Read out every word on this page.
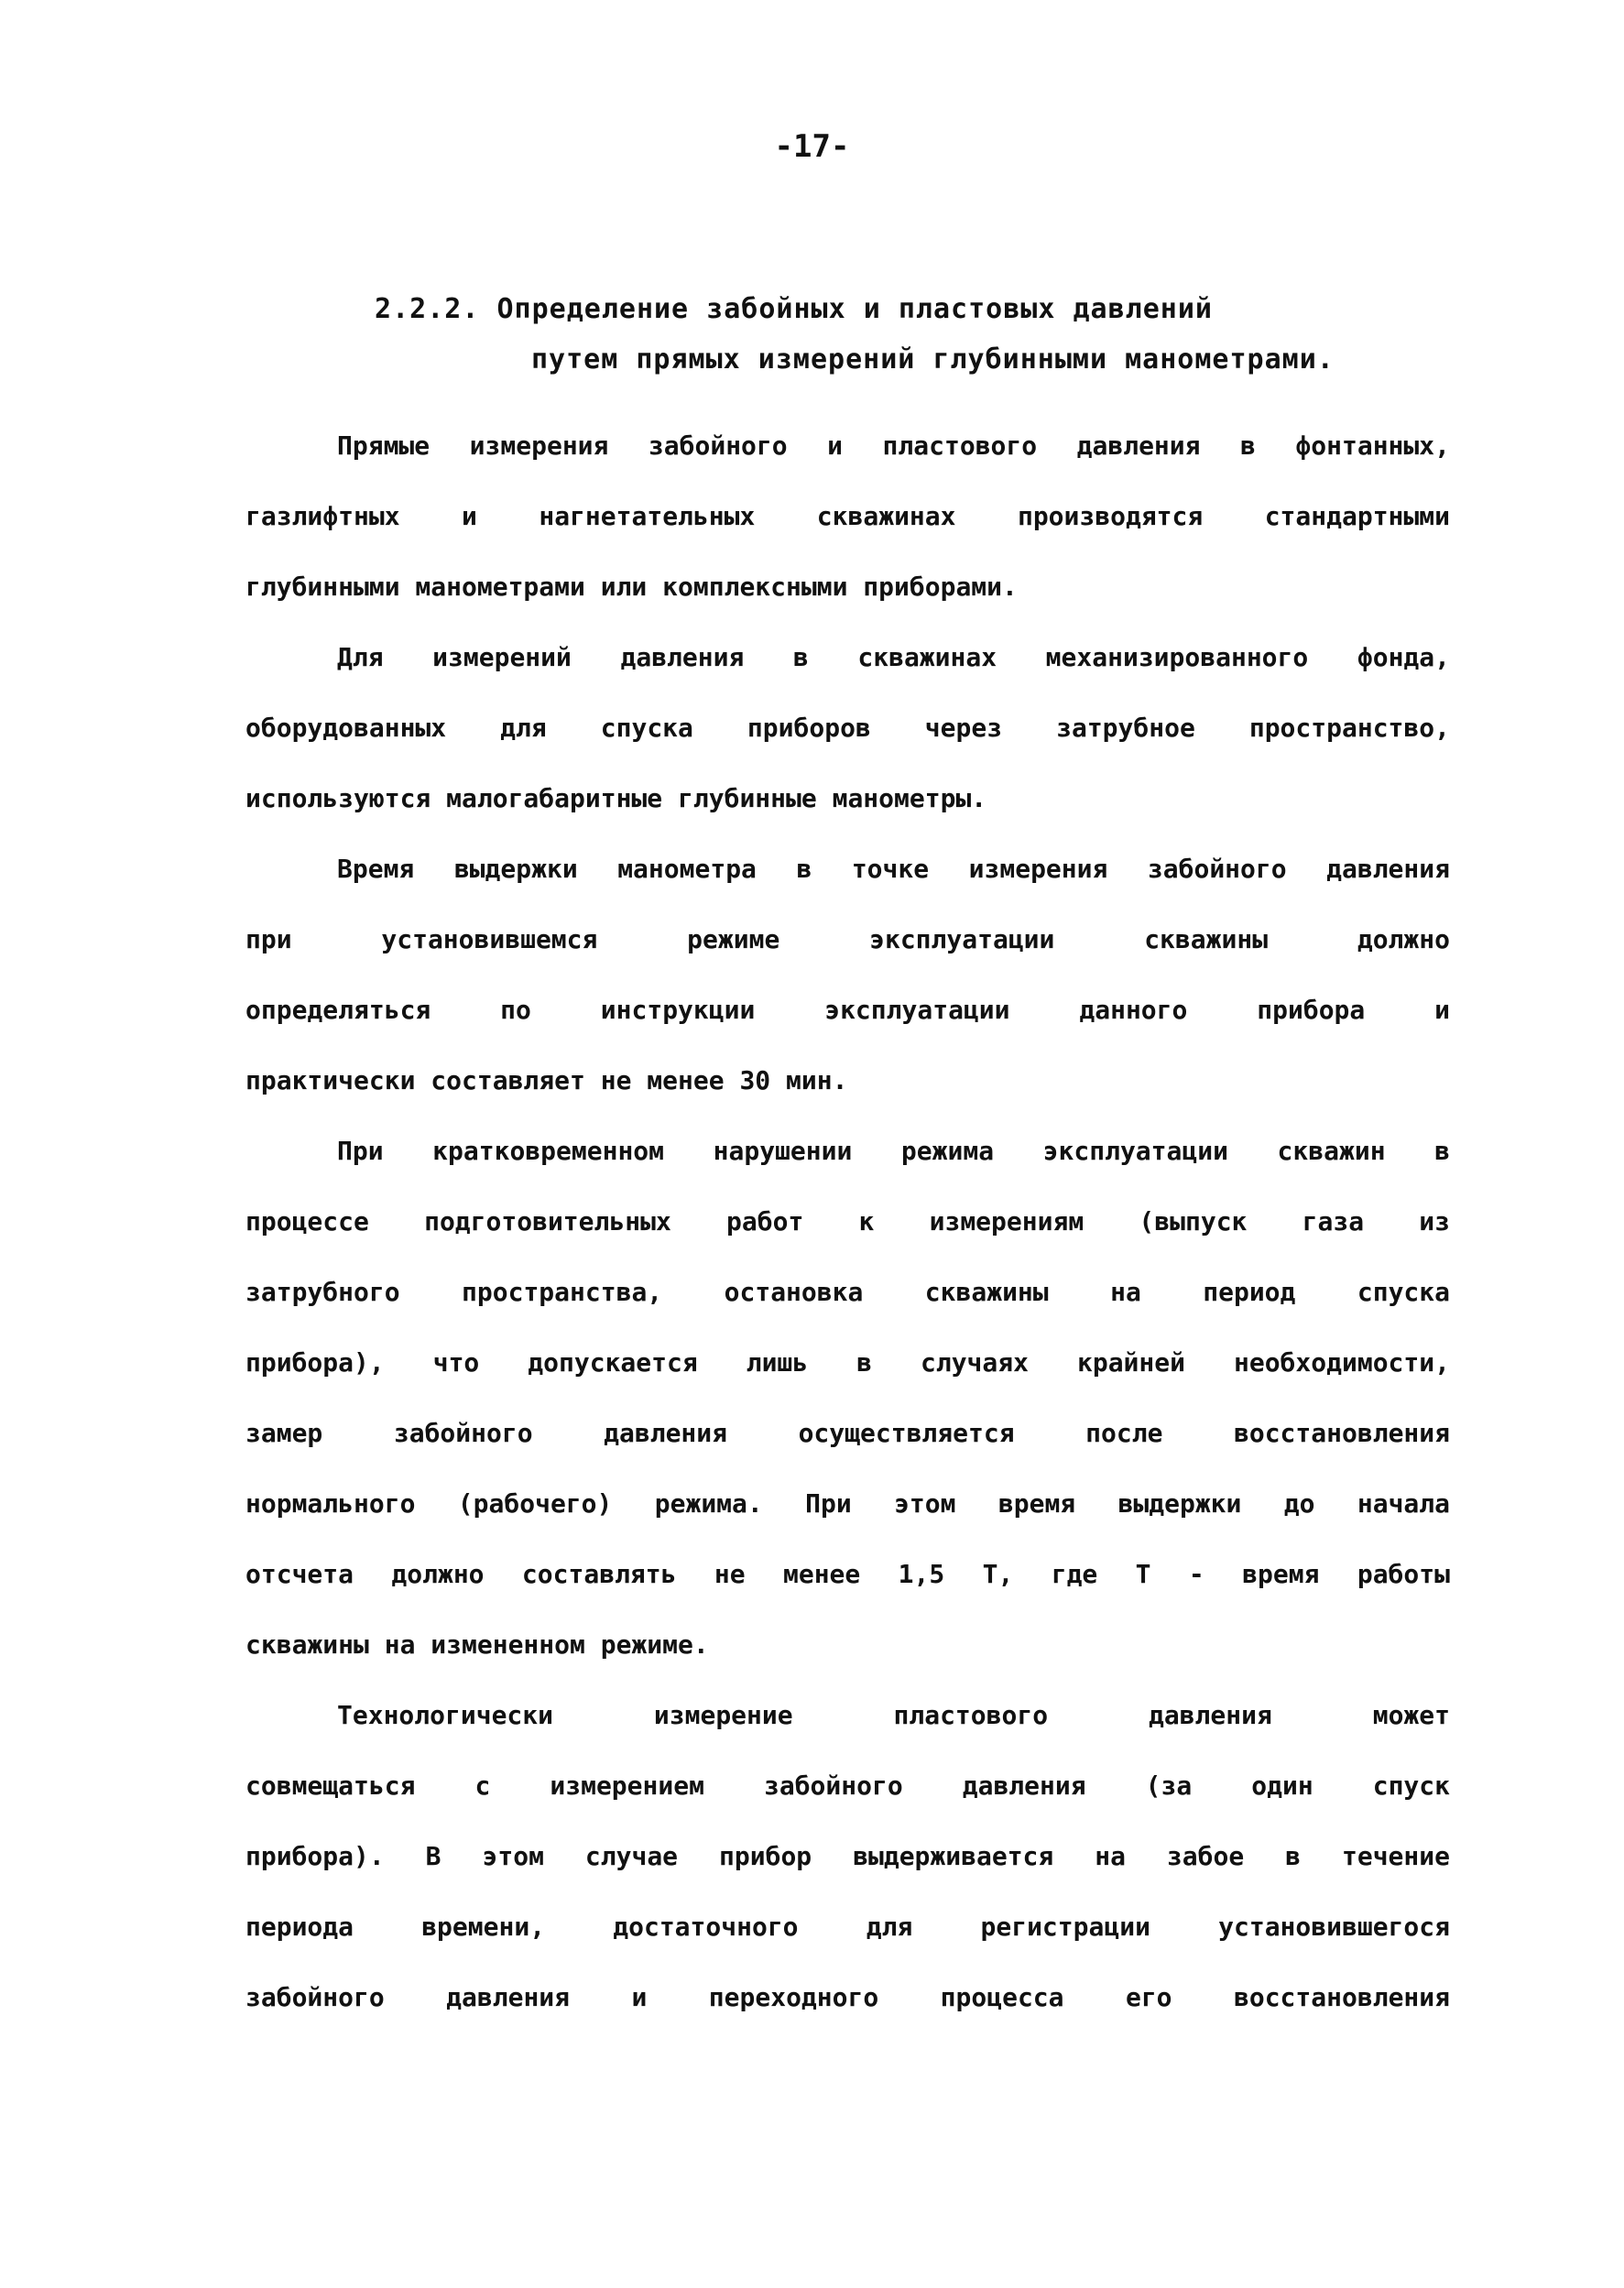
-17-
2.2.2. Определение забойных и пластовых давлений
путем прямых измерений глубинными манометрами.
Прямые измерения забойного и пластового давления в фонтанных,
газлифтных и нагнетательных скважинах производятся стандартными
глубинными манометрами или комплексными приборами.
Для измерений давления в скважинах механизированного фонда,
оборудованных для спуска приборов через затрубное пространство,
используются малогабаритные глубинные манометры.
Время выдержки манометра в точке измерения забойного давления
при установившемся режиме эксплуатации скважины должно
определяться по инструкции эксплуатации данного прибора и
практически составляет не менее 30 мин.
При кратковременном нарушении режима эксплуатации скважин в
процессе подготовительных работ к измерениям (выпуск газа из
затрубного пространства, остановка скважины на период спуска
прибора), что допускается лишь в случаях крайней необходимости,
замер забойного давления осуществляется после восстановления
нормального (рабочего) режима. При этом время выдержки до начала
отсчета должно составлять не менее 1,5 Т, где Т - время работы
скважины на измененном режиме.
Технологически измерение пластового давления может
совмещаться с измерением забойного давления (за один спуск
прибора). В этом случае прибор выдерживается на забое в течение
периода времени, достаточного для регистрации установившегося
забойного давления и переходного процесса его восстановления
